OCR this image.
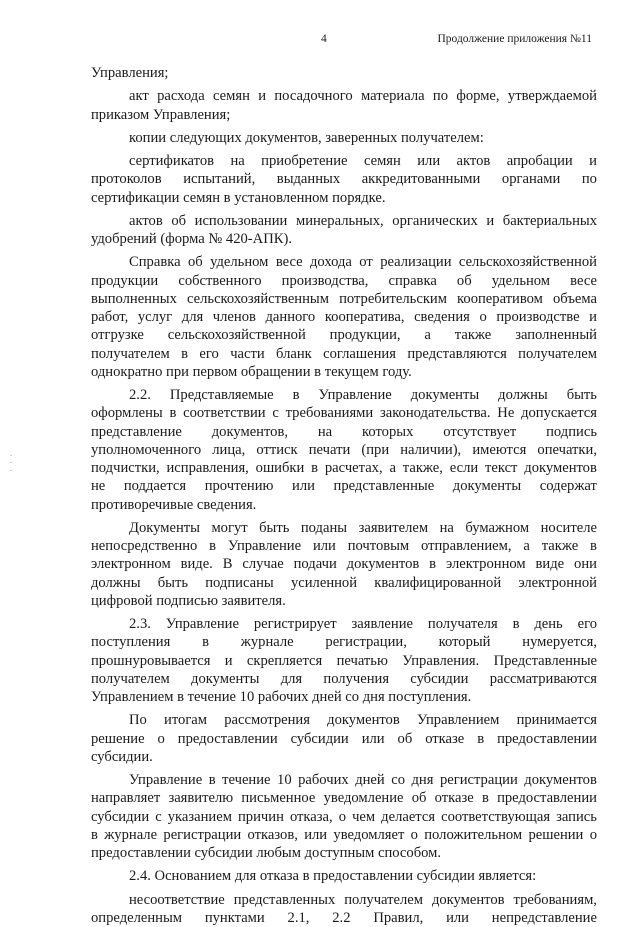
4	Продолжение приложения №11
Управления;
акт расхода семян и посадочного материала по форме, утверждаемой
приказом Управления;
копии следующих документов, заверенных получателем:
сертификатов на приобретение семян или актов апробации и
протоколов испытаний, выданных аккредитованными органами по
сертификации семян в установленном порядке.
актов об использовании минеральных, органических и бактериальных
удобрений (форма № 420-АПК).
Справка об удельном весе дохода от реализации сельскохозяйственной
продукции собственного производства, справка об удельном весе
выполненных сельскохозяйственным потребительским кооперативом объема
работ, услуг для членов данного кооператива, сведения о производстве и
отгрузке сельскохозяйственной продукции, а также заполненный
получателем в его части бланк соглашения представляются получателем
однократно при первом обращении в текущем году.
2.2. Представляемые в Управление документы должны быть
оформлены в соответствии с требованиями законодательства. Не допускается
представление документов, на которых отсутствует подпись
уполномоченного лица, оттиск печати (при наличии), имеются опечатки,
подчистки, исправления, ошибки в расчетах, а также, если текст документов
не поддается прочтению или представленные документы содержат
противоречивые сведения.
Документы могут быть поданы заявителем на бумажном носителе
непосредственно в Управление или почтовым отправлением, а также в
электронном виде. В случае подачи документов в электронном виде они
должны быть подписаны усиленной квалифицированной электронной
цифровой подписью заявителя.
2.3. Управление регистрирует заявление получателя в день его
поступления в журнале регистрации, который нумеруется,
прошнуровывается и скрепляется печатью Управления. Представленные
получателем документы для получения субсидии рассматриваются
Управлением в течение 10 рабочих дней со дня поступления.
По итогам рассмотрения документов Управлением принимается
решение о предоставлении субсидии или об отказе в предоставлении
субсидии.
Управление в течение 10 рабочих дней со дня регистрации документов
направляет заявителю письменное уведомление об отказе в предоставлении
субсидии с указанием причин отказа, о чем делается соответствующая запись
в журнале регистрации отказов, или уведомляет о положительном решении о
предоставлении субсидии любым доступным способом.
2.4. Основанием для отказа в предоставлении субсидии является:
несоответствие представленных получателем документов требованиям,
определенным пунктами 2.1, 2.2 Правил, или непредставление
